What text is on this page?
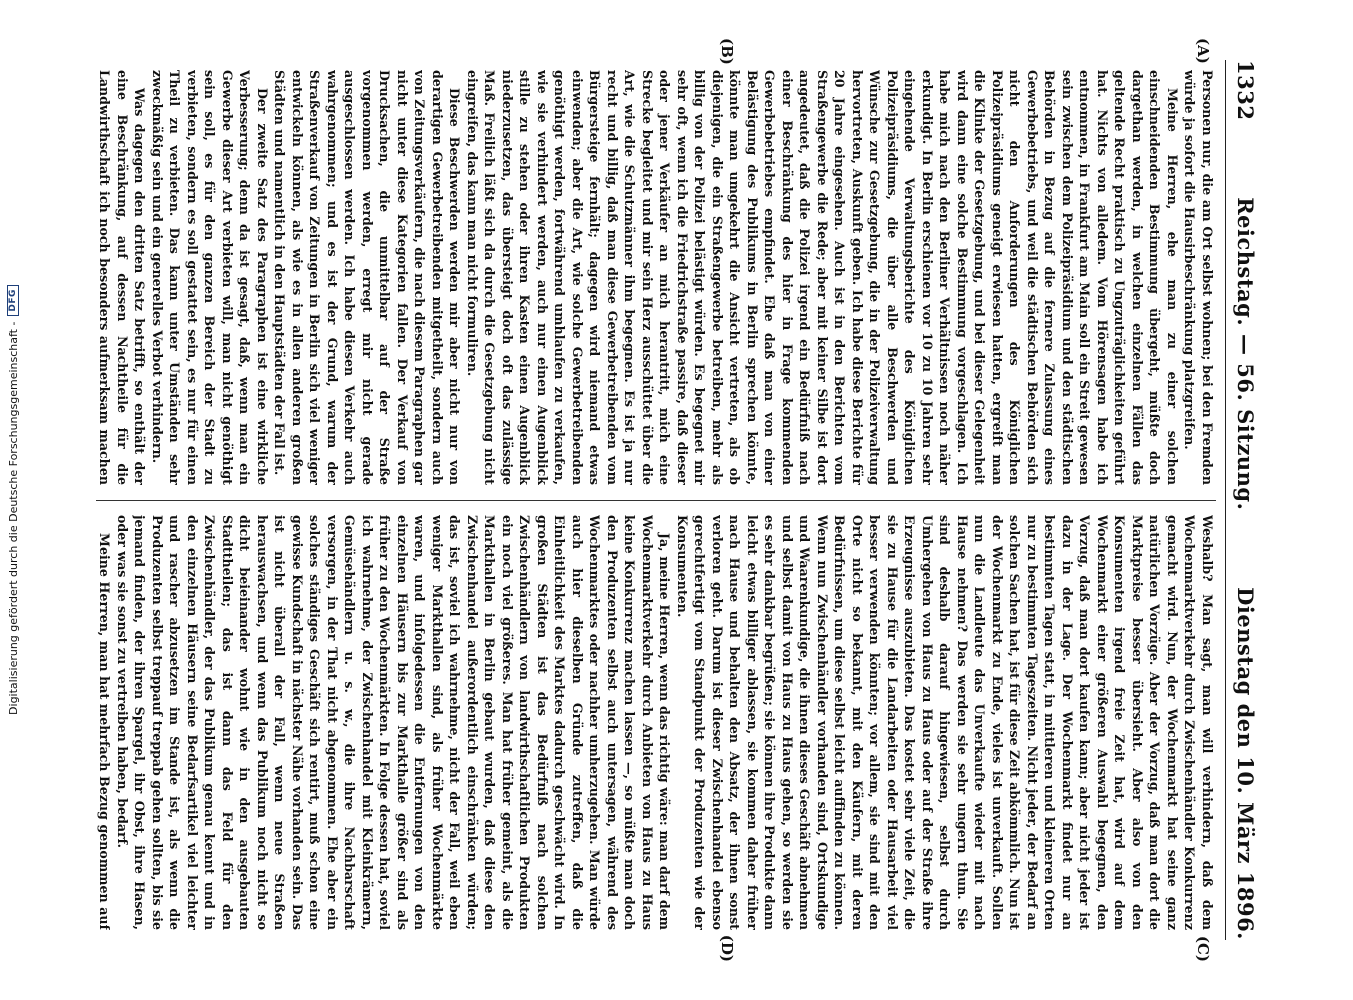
Digitalisierung gefördert durch die Deutsche Forschungsgemeinschaft -
DFG
1332
Reichstag. — 56. Sitzung.
Dienstag den 10. März 1896.
(A)
(B)
(C)
(D)

Personen nur, die am Ort selbst wohnen; bei den Fremden würde ja sofort die Hausirbeschränkung platzgreifen.

Meine Herren, ehe man zu einer solchen einschneidenden Bestimmung übergeht, müßte doch dargethan werden, in welchen einzelnen Fällen das geltende Recht praktisch zu Ungzuträglichkeiten geführt hat. Nichts von alledem. Vom Hörensagen habe ich entnommen, in Frankfurt am Main soll ein Streit gewesen sein zwischen dem Polizeipräsidium und den städtischen Behörden in Bezug auf die fernere Zulassung eines Gewerbebetriebs, und weil die städtischen Behörden sich nicht den Anforderungen des Königlichen Polizeipräsidiums geneigt erwiesen hatten, ergreift man die Klinke der Gesetzgebung, und bei dieser Gelegenheit wird dann eine solche Bestimmung vorgeschlagen. Ich habe mich nach den Berliner Verhältnissen noch näher erkundigt. In Berlin erschienen vor 10 zu 10 Jahren sehr eingehende Verwaltungsberichte des Königlichen Polizeipräsidiums, die über alle Beschwerden und Wünsche zur Gesetzgebung, die in der Polizeiverwaltung hervortreten, Auskunft geben. Ich habe diese Berichte für 20 Jahre eingesehen. Auch ist in den Berichten vom Straßengewerbe die Rede; aber mit keiner Silbe ist dort angedeutet, daß die Polizei irgend ein Bedürfniß nach einer Beschränkung des hier in Frage kommenden Gewerbebetriebes empfindet. Ehe daß man von einer Belästigung des Publikums in Berlin sprechen könnte, könnte man umgekehrt die Ansicht vertreten, als ob diejenigen, die ein Straßengewerbe betreiben, mehr als billig von der Polizei belästigt würden. Es begegnet mir sehr oft, wenn ich die Friedrichstraße passire, daß dieser oder jener Verkäufer an mich herantritt, mich eine Strecke begleitet und mir sein Herz ausschüttet über die Art, wie die Schutzmänner ihm begegnen. Es ist ja nur recht und billig, daß man diese Gewerbetreibenden vom Bürgersteige fernhält; dagegen wird niemand etwas einwenden; aber die Art, wie solche Gewerbetreibenden genöthigt werden, fortwährend umhlaufen zu verkaufen, wie sie verhindert werden, auch nur einen Augenblick stille zu stehen oder ihren Kasten einen Augenblick niederzusetzen, das übersteigt doch oft das zulässige Maß. Freilich läßt sich da durch die Gesetzgebung nicht eingreifen, das kann man nicht formuliren.

Diese Beschwerden werden mir aber nicht nur von derartigen Gewerbetreibenden mitgetheilt, sondern auch von Zeitungsverkäufern, die nach diesem Paragraphen gar nicht unter diese Kategorien fallen. Der Verkauf von Drucksachen, die unmittelbar auf der Straße vorgenommen werden, erregt mir nicht gerade ausgeschlossen werden. Ich habe diesen Verkehr auch wahrgenommen; und es ist der Grund, warum der Straßenverkauf von Zeitungen in Berlin sich viel weniger entwickeln können, als wie es in allen anderen großen Städten und namentlich in den Hauptstädten der Fall ist.

Der zweite Satz des Paragraphen ist eine wirkliche Verbesserung; denn da ist gesagt, daß, wenn man ein Gewerbe dieser Art verbieten will, man nicht genöthigt sein soll, es für den ganzen Bereich der Stadt zu verbieten, sondern es soll gestattet sein, es nur für einen Theil zu verbieten. Das kann unter Umständen sehr zweckmäßig sein und ein generelles Verbot verhindern.

Was dagegen den dritten Satz betrifft, so enthält der eine Beschränkung, auf dessen Nachtheile für die Landwirthschaft ich noch besonders aufmerksam machen

Weshalb? Man sagt, man will verhindern, daß dem Wochenmarktverkehr durch Zwischenhändler Konkurrenz gemacht wird. Nun, der Wochenmarkt hat seine ganz natürlichen Vorzüge. Aber der Vorzug, daß man dort die Marktpreise besser übersieht. Aber also von den Konsumenten irgend freie Zeit hat, wird auf dem Wochenmarkt einer größeren Auswahl begegnen, den Vorzug, daß man dort kaufen kann; aber nicht jeder ist dazu in der Lage. Der Wochenmarkt findet nur an bestimmten Tagen statt, in mittleren und kleineren Orten nur zu bestimmten Tageszeiten. Nicht jeder, der Bedarf an solchen Sachen hat, ist für diese Zeit abkömmlich. Nun ist der Wochenmarkt zu Ende, vieles ist unverkauft. Sollen nun die Landleute das Unverkaufte wieder mit nach Hause nehmen? Das werden sie sehr ungern thun. Sie sind deshalb darauf hingewiesen, selbst durch Umhergehen von Haus zu Haus oder auf der Straße ihre Erzeugnisse auszubieten. Das kostet sehr viele Zeit, die sie zu Hause für die Landarbeiten oder Hausarbeit viel besser verwenden könnten; vor allem, sie sind mit den Orte nicht so bekannt, mit den Käufern, mit deren Bedürfnissen, um diese selbst leicht auffinden zu können. Wenn nun Zwischenhändler vorhanden sind, Ortskundige und Waarenkundige, die ihnen dieses Geschäft abnehmen und selbst damit von Haus zu Haus gehen, so werden sie es sehr dankbar begrüßen; sie können ihre Produkte dann leicht etwas billiger ablassen, sie kommen daher früher nach Hause und behalten den Absatz, der ihnen sonst verloren geht. Darum ist dieser Zwischenhandel ebenso gerechtfertigt vom Standpunkt der Produzenten wie der Konsumenten.

Ja, meine Herren, wenn das richtig wäre: man darf dem Wochenmarktverkehr durch Anbieten von Haus zu Haus keine Konkurrenz machen lassen —, so müßte man doch den Produzenten selbst auch untersagen, während des Wochenmarktes oder nachher umherzugehen. Man würde auch hier dieselben Gründe zutreffen, daß die Einheitlichkeit des Marktes dadurch geschwächt wird. In großen Städten ist das Bedürfniß nach solchen Zwischenhändlern von landwirthschaftlichen Produkten ein noch viel größeres. Man hat früher gemeint, als die Markthallen in Berlin gebaut wurden, daß diese den Zwischenhandel außerordentlich einschränken würden; das ist, soviel ich wahrnehme, nicht der Fall, weil eben weniger Markthallen sind, als früher Wochenmärkte waren, und infolgedessen die Entfernungen von den einzelnen Häusern bis zur Markthalle größer sind als früher zu den Wochenmärkten. In Folge dessen hat, soviel ich wahrnehme, der Zwischenhandel mit Kleinkrämern, Gemüsehändlern u. s. w., die ihre Nachbarschaft versorgen, in der That nicht abgenommen. Ehe aber ein solches ständiges Geschäft sich rentirt, muß schon eine gewisse Kundschaft in nächster Nähe vorhanden sein. Das ist nicht überall der Fall, wenn neue Straßen herauswachsen, und wenn das Publikum noch nicht so dicht beieinander wohnt wie in den ausgebauten Stadttheilen; das ist dann das Feld für den Zwischenhändler, der das Publikum genau kennt und in den einzelnen Häusern seine Bedarfsartikel viel leichter und rascher abzusetzen im Stande ist, als wenn die Produzenten selbst treppauf treppab gehen sollten, bis sie jemand finden, der ihren Spargel, ihr Obst, ihre Hasen, oder was sie sonst zu vertreiben haben, bedarf.

Meine Herren, man hat mehrfach Bezug genommen auf
